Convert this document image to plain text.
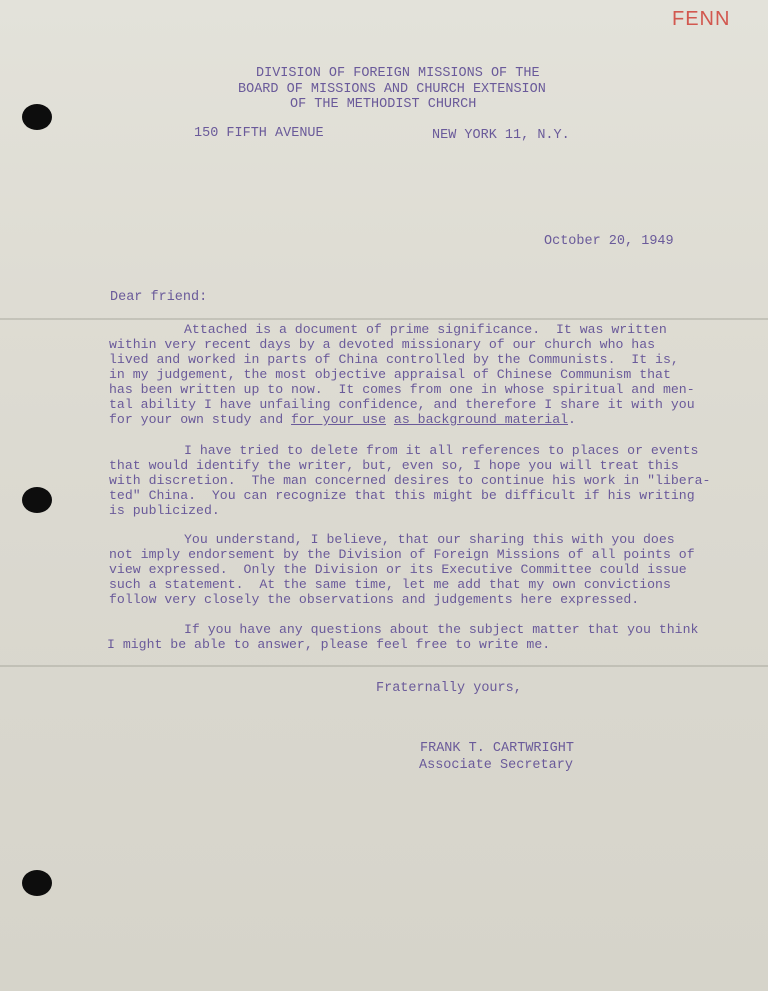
FENN
DIVISION OF FOREIGN MISSIONS OF THE
BOARD OF MISSIONS AND CHURCH EXTENSION
OF THE METHODIST CHURCH
150 FIFTH AVENUE	NEW YORK 11, N.Y.
October 20, 1949
Dear friend:
Attached is a document of prime significance.  It was written
within very recent days by a devoted missionary of our church who has
lived and worked in parts of China controlled by the Communists.  It is,
in my judgement, the most objective appraisal of Chinese Communism that
has been written up to now.  It comes from one in whose spiritual and men-
tal ability I have unfailing confidence, and therefore I share it with you
for your own study and for your use as background material.
I have tried to delete from it all references to places or events
that would identify the writer, but, even so, I hope you will treat this
with discretion.  The man concerned desires to continue his work in "libera-
ted" China.  You can recognize that this might be difficult if his writing
is publicized.
You understand, I believe, that our sharing this with you does
not imply endorsement by the Division of Foreign Missions of all points of
view expressed.  Only the Division or its Executive Committee could issue
such a statement.  At the same time, let me add that my own convictions
follow very closely the observations and judgements here expressed.
If you have any questions about the subject matter that you think
I might be able to answer, please feel free to write me.
Fraternally yours,
FRANK T. CARTWRIGHT
Associate Secretary
